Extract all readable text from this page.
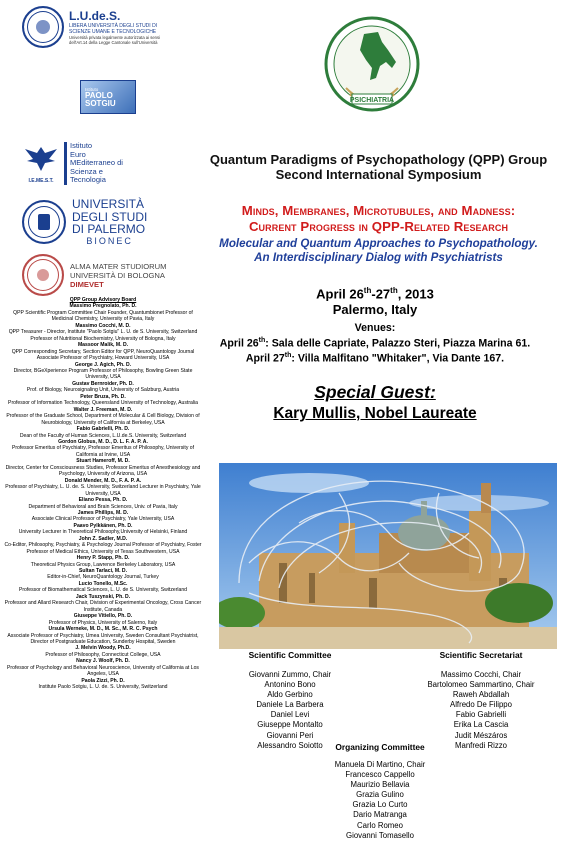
L.U.de.S.
LIBERA UNIVERSITÀ DEGLI STUDI DI
SCIENZE UMANE E TECNOLOGICHE
Università privata legalmente autorizzata ai sensi
dell'Art.14 della Legge Cantonale sull'Università
Istituto
PAOLO
SOTGIU
I.E.ME.S.T.
Istituto
Euro
MEditerraneo di
Scienza e
Tecnologia
UNIVERSITÀ
DEGLI STUDI
DI PALERMO
BIONEC
ALMA MATER STUDIORUM
UNIVERSITÀ DI BOLOGNA
DIMEVET
PSICHIATRIA
Quantum Paradigms of Psychopathology (QPP) Group
Second International Symposium
Minds, Membranes, Microtubules, and Madness:
Current Progress in QPP-Related Research
Molecular and Quantum Approaches to Psychopathology.
An Interdisciplinary Dialog with Psychiatrists
April 26th-27th, 2013
Palermo, Italy
Venues:
April 26th: Sala delle Capriate, Palazzo Steri, Piazza Marina 61.
April 27th: Villa Malfitano "Whitaker", Via Dante 167.
Special Guest:
Kary Mullis, Nobel Laureate
QPP Group Advisory Board
Massimo Pregnolato, Ph. D.
QPP Scientific Program Committee Chair Founder, Quantumbionet Professor of Medicinal Chemistry, University of Pavia, Italy
Massimo Cocchi, M. D.
QPP Treasurer - Director, Institute "Paolo Sotgiu" L. U. de S. University, Switzerland Professor of Nutritional Biochemistry, University of Bologna, Italy
Massoor Malik, M. D.
QPP Corresponding Secretary, Section Editor for QPP, NeuroQuantology Journal Associate Professor of Psychiatry, Howard University, USA
George J. Agich, Ph. D.
Director, BGeXperience Program Professor of Philosophy, Bowling Green State University, USA
Gustav Bernroider, Ph. D.
Prof. of Biology, Neurosignaling Unit, University of Salzburg, Austria
Peter Bruza, Ph. D.
Professor of Information Technology, Queensland University of Technology, Australia
Walter J. Freeman, M. D.
Professor of the Graduate School, Department of Molecular & Cell Biology, Division of Neurobiology, University of California at Berkeley, USA
Fabio Gabrielli, Ph. D.
Dean of the Faculty of Human Sciences, L.U.de.S. University, Switzerland
Gordon Globus, M. D., D. L. F. A. P. A.
Professor Emeritus of Psychiatry, Professor Emeritus of Philosophy, University of California at Irvine, USA
Stuart Hameroff, M. D.
Director, Center for Consciousness Studies, Professor Emeritus of Anesthesiology and Psychology, University of Arizona, USA
Donald Mender, M. D., F. A. P. A.
Professor of Psychiatry, L. U. de. S. University, Switzerland Lecturer in Psychiatry, Yale University, USA
Eliano Pessa, Ph. D.
Department of Behavioral and Brain Sciences, Univ. of Pavia, Italy
James Phillips, M. D.
Associate Clinical Professor of Psychiatry, Yale University, USA
Paavo Pylkkänen, Ph. D.
University Lecturer in Theoretical Philosophy,University of Helsinki, Finland
John Z. Sadler, M.D.
Co-Editor, Philosophy, Psychiatry, & Psychology Journal Professor of Psychiatry, Foster Professor of Medical Ethics, University of Texas Southwestern, USA
Henry P. Stapp, Ph. D.
Theoretical Physics Group, Lawrence Berkeley Laboratory, USA
Sultan Tarlaci, M. D.
Editor-in-Chief, NeuroQuantology Journal, Turkey
Lucio Tonello, M.Sc.
Professor of Biomathematical Sciences, L. U. de S. University, Switzerland
Jack Tuszynski, Ph. D.
Professor and Allard Research Chair, Division of Experimental Oncology, Cross Cancer Institute, Canada
Giuseppe Vitiello, Ph. D.
Professor of Physics, University of Salerno, Italy
Ursula Werneke, M. D., M. Sc., M. R. C. Psych
Associate Professor of Psychiatry, Umea University, Sweden Consultant Psychiatrist, Director of Postgraduate Education, Sunderby Hospital, Sweden
J. Melvin Woody, Ph.D.
Professor of Philosophy, Connecticut College, USA
Nancy J. Woolf, Ph. D.
Professor of Psychology and Behavioral Neuroscience, University of California at Los Angeles, USA
Paola Zizzi, Ph. D.
Institute Paolo Sotgiu, L. U. de. S. University, Switzerland
Scientific Committee
Giovanni Zummo, Chair
Antonino Bono
Aldo Gerbino
Daniele La Barbera
Daniel Levi
Giuseppe Montalto
Giovanni Peri
Alessandro Soiotto
Scientific Secretariat
Massimo Cocchi, Chair
Bartolomeo Sammartino, Chair
Raweh Abdallah
Alfredo De Filippo
Fabio Gabrielli
Erika La Cascia
Judit Mészáros
Manfredi Rizzo
Organizing Committee
Manuela Di Martino, Chair
Francesco Cappello
Maurizio Bellavia
Grazia Gulino
Grazia Lo Curto
Dario Matranga
Carlo Romeo
Giovanni Tomasello
